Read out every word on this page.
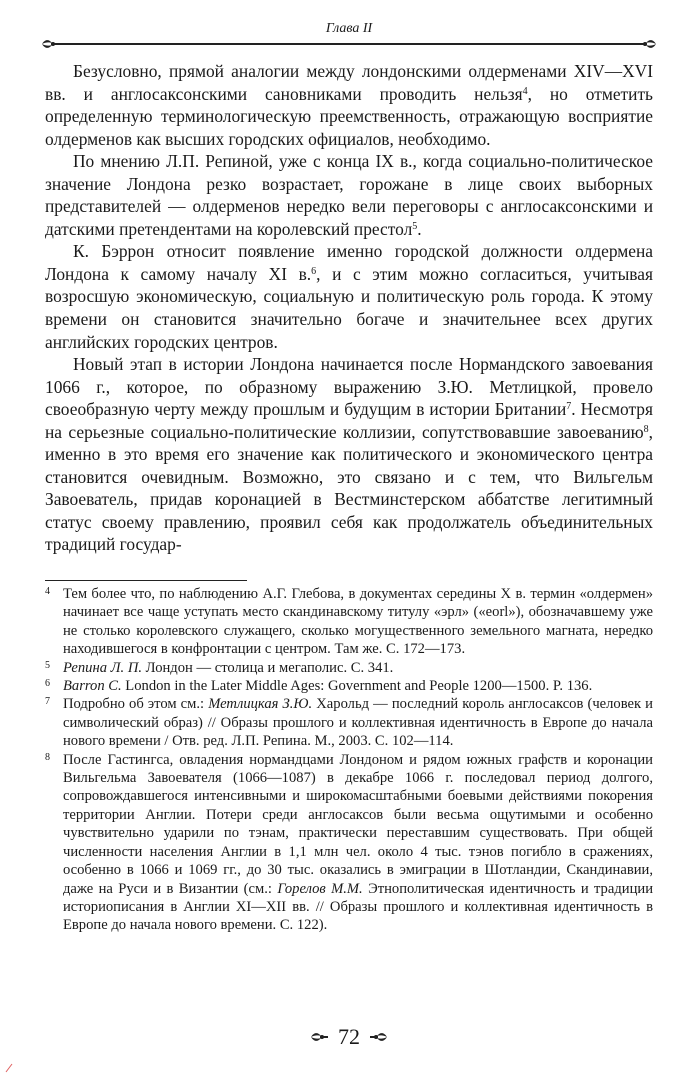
Глава II

Безусловно, прямой аналогии между лондонскими олдерменами XIV—XVI вв. и англосаксонскими сановниками проводить нельзя$^4$, но отметить определенную терминологическую преемственность, отражающую восприятие олдерменов как высших городских официалов, необходимо.

По мнению Л.П. Репиной, уже с конца IX в., когда социально-политическое значение Лондона резко возрастает, горожане в лице своих выборных представителей — олдерменов нередко вели переговоры с англосаксонскими и датскими претендентами на королевский престол$^5$.

К. Бэррон относит появление именно городской должности олдермена Лондона к самому началу XI в.$^6$, и с этим можно согласиться, учитывая возросшую экономическую, социальную и политическую роль города. К этому времени он становится значительно богаче и значительнее всех других английских городских центров.

Новый этап в истории Лондона начинается после Нормандского завоевания 1066 г., которое, по образному выражению З.Ю. Метлицкой, провело своеобразную черту между прошлым и будущим в истории Британии$^7$. Несмотря на серьезные социально-политические коллизии, сопутствовавшие завоеванию$^8$, именно в это время его значение как политического и экономического центра становится очевидным. Возможно, это связано и с тем, что Вильгельм Завоеватель, придав коронацией в Вестминстерском аббатстве легитимный статус своему правлению, проявил себя как продолжатель объединительных традиций государ-

4 Тем более что, по наблюдению А.Г. Глебова, в документах середины X в. термин «олдермен» начинает все чаще уступать место скандинавскому титулу «эрл» («eorl»), обозначавшему уже не столько королевского служащего, сколько могущественного земельного магната, нередко находившегося в конфронтации с центром. Там же. С. 172—173.
5 Репина Л. П. Лондон — столица и мегаполис. С. 341.
6 Barron C. London in the Later Middle Ages: Government and People 1200—1500. P. 136.
7 Подробно об этом см.: Метлицкая З.Ю. Харольд — последний король англосаксов (человек и символический образ) // Образы прошлого и коллективная идентичность в Европе до начала нового времени / Отв. ред. Л.П. Репина. М., 2003. С. 102—114.
8 После Гастингса, овладения нормандцами Лондоном и рядом южных графств и коронации Вильгельма Завоевателя (1066—1087) в декабре 1066 г. последовал период долгого, сопровождавшегося интенсивными и широкомасштабными боевыми действиями покорения территории Англии. Потери среди англосаксов были весьма ощутимыми и особенно чувствительно ударили по тэнам, практически переставшим существовать. При общей численности населения Англии в 1,1 млн чел. около 4 тыс. тэнов погибло в сражениях, особенно в 1066 и 1069 гг., до 30 тыс. оказались в эмиграции в Шотландии, Скандинавии, даже на Руси и в Византии (см.: Горелов М.М. Этнополитическая идентичность и традиции историописания в Англии XI—XII вв. // Образы прошлого и коллективная идентичность в Европе до начала нового времени. С. 122).
72
